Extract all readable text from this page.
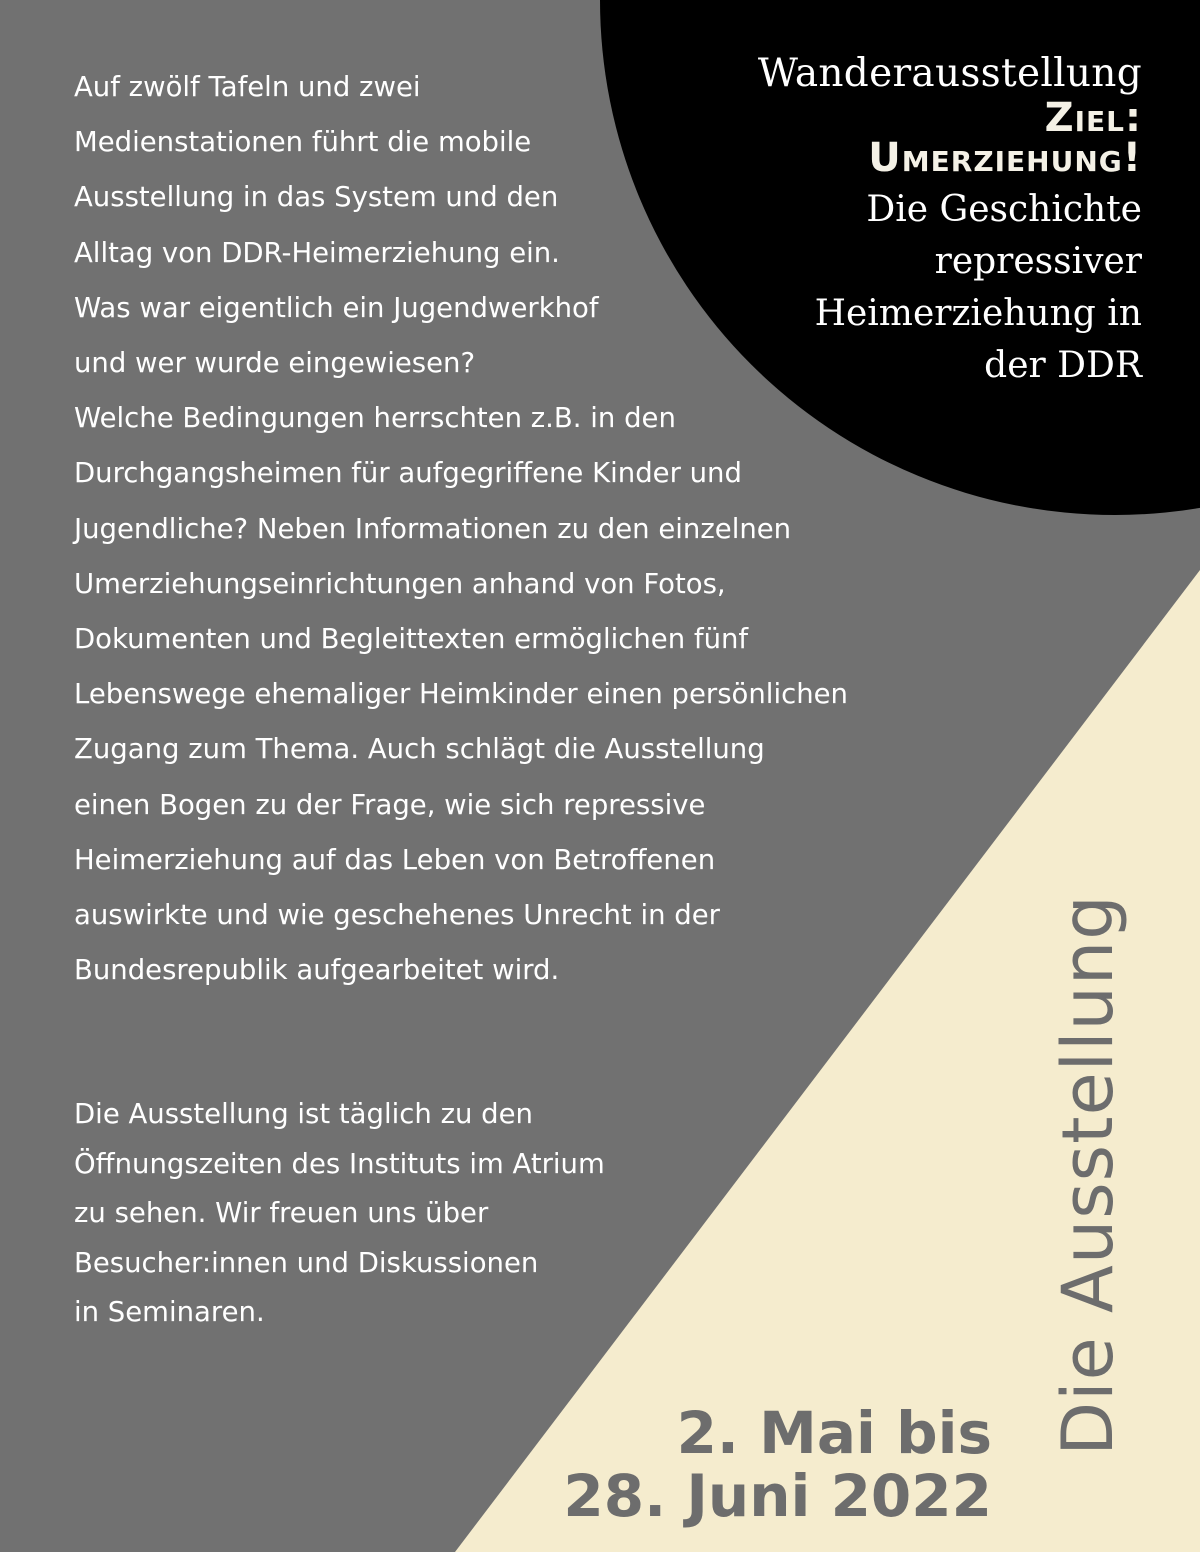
Wanderausstellung
Ziel:
Umerziehung!
Die Geschichte
repressiver
Heimerziehung in
der DDR
Auf zwölf Tafeln und zwei
Medienstationen führt die mobile
Ausstellung in das System und den
Alltag von DDR-Heimerziehung ein.
Was war eigentlich ein Jugendwerkhof
und wer wurde eingewiesen?
Welche Bedingungen herrschten z.B. in den
Durchgangsheimen für aufgegriffene Kinder und
Jugendliche? Neben Informationen zu den einzelnen
Umerziehungseinrichtungen anhand von Fotos,
Dokumenten und Begleittexten ermöglichen fünf
Lebenswege ehemaliger Heimkinder einen persönlichen
Zugang zum Thema. Auch schlägt die Ausstellung
einen Bogen zu der Frage, wie sich repressive
Heimerziehung auf das Leben von Betroffenen
auswirkte und wie geschehenes Unrecht in der
Bundesrepublik aufgearbeitet wird.
Die Ausstellung ist täglich zu den
Öffnungszeiten des Instituts im Atrium
zu sehen. Wir freuen uns über
Besucher:innen und Diskussionen
in Seminaren.
2. Mai bis
28. Juni 2022
Die Ausstellung
